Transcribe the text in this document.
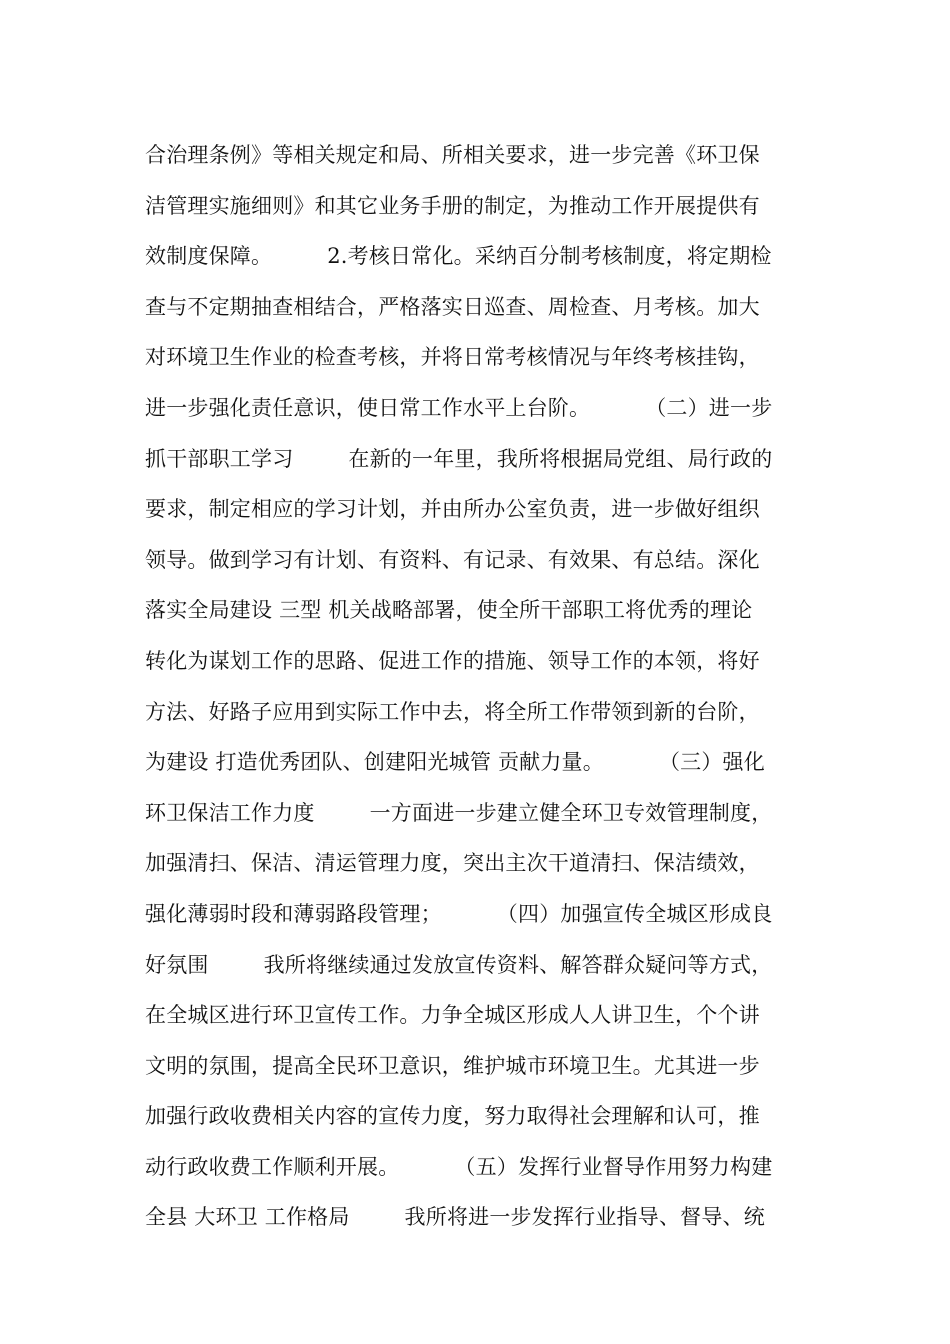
合治理条例》等相关规定和局、所相关要求，进一步完善《环卫保
洁管理实施细则》和其它业务手册的制定，为推动工作开展提供有
效制度保障。        2.考核日常化。采纳百分制考核制度，将定期检
查与不定期抽查相结合，严格落实日巡查、周检查、月考核。加大
对环境卫生作业的检查考核，并将日常考核情况与年终考核挂钩，
进一步强化责任意识，使日常工作水平上台阶。        （二）进一步
抓干部职工学习        在新的一年里，我所将根据局党组、局行政的
要求，制定相应的学习计划，并由所办公室负责，进一步做好组织
领导。做到学习有计划、有资料、有记录、有效果、有总结。深化
落实全局建设 三型 机关战略部署，使全所干部职工将优秀的理论
转化为谋划工作的思路、促进工作的措施、领导工作的本领，将好
方法、好路子应用到实际工作中去，将全所工作带领到新的台阶，
为建设 打造优秀团队、创建阳光城管 贡献力量。        （三）强化
环卫保洁工作力度        一方面进一步建立健全环卫专效管理制度，
加强清扫、保洁、清运管理力度，突出主次干道清扫、保洁绩效，
强化薄弱时段和薄弱路段管理；        （四）加强宣传全城区形成良
好氛围        我所将继续通过发放宣传资料、解答群众疑问等方式，
在全城区进行环卫宣传工作。力争全城区形成人人讲卫生，个个讲
文明的氛围，提高全民环卫意识，维护城市环境卫生。尤其进一步
加强行政收费相关内容的宣传力度，努力取得社会理解和认可，推
动行政收费工作顺利开展。        （五）发挥行业督导作用努力构建
全县 大环卫 工作格局        我所将进一步发挥行业指导、督导、统
